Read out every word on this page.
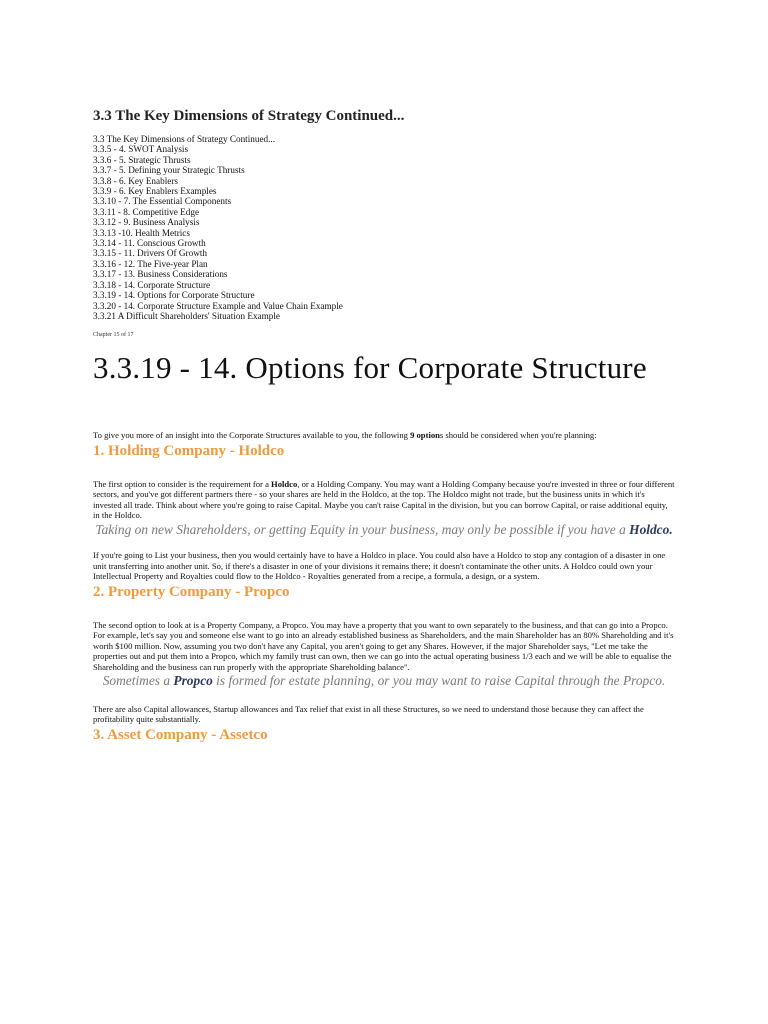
3.3 The Key Dimensions of Strategy Continued...
3.3 The Key Dimensions of Strategy Continued...
3.3.5 - 4. SWOT Analysis
3.3.6 - 5. Strategic Thrusts
3.3.7 - 5. Defining your Strategic Thrusts
3.3.8 - 6. Key Enablers
3.3.9 - 6. Key Enablers Examples
3.3.10 - 7. The Essential Components
3.3.11 - 8. Competitive Edge
3.3.12 - 9. Business Analysis
3.3.13 -10. Health Metrics
3.3.14 - 11. Conscious Growth
3.3.15 - 11. Drivers Of Growth
3.3.16 - 12. The Five-year Plan
3.3.17 - 13. Business Considerations
3.3.18 - 14. Corporate Structure
3.3.19 - 14. Options for Corporate Structure
3.3.20 - 14. Corporate Structure Example and Value Chain Example
3.3.21 A Difficult Shareholders' Situation Example
Chapter 15 of 17
3.3.19 - 14. Options for Corporate Structure

To give you more of an insight into the Corporate Structures available to you, the following 9 options should be considered when you're planning:

1. Holding Company - Holdco

The first option to consider is the requirement for a Holdco, or a Holding Company. You may want a Holding Company because you're invested in three or four different sectors, and you've got different partners there - so your shares are held in the Holdco, at the top. The Holdco might not trade, but the business units in which it's invested all trade. Think about where you're going to raise Capital. Maybe you can't raise Capital in the division, but you can borrow Capital, or raise additional equity, in the Holdco.

Taking on new Shareholders, or getting Equity in your business, may only be possible if you have a Holdco.

If you're going to List your business, then you would certainly have to have a Holdco in place. You could also have a Holdco to stop any contagion of a disaster in one unit transferring into another unit. So, if there's a disaster in one of your divisions it remains there; it doesn't contaminate the other units. A Holdco could own your Intellectual Property and Royalties could flow to the Holdco - Royalties generated from a recipe, a formula, a design, or a system.

2. Property Company - Propco

The second option to look at is a Property Company, a Propco. You may have a property that you want to own separately to the business, and that can go into a Propco. For example, let's say you and someone else want to go into an already established business as Shareholders, and the main Shareholder has an 80% Shareholding and it's worth $100 million. Now, assuming you two don't have any Capital, you aren't going to get any Shares. However, if the major Shareholder says, "Let me take the properties out and put them into a Propco, which my family trust can own, then we can go into the actual operating business 1/3 each and we will be able to equalise the Shareholding and the business can run properly with the appropriate Shareholding balance".

Sometimes a Propco is formed for estate planning, or you may want to raise Capital through the Propco.

There are also Capital allowances, Startup allowances and Tax relief that exist in all these Structures, so we need to understand those because they can affect the profitability quite substantially.

3. Asset Company - Assetco
